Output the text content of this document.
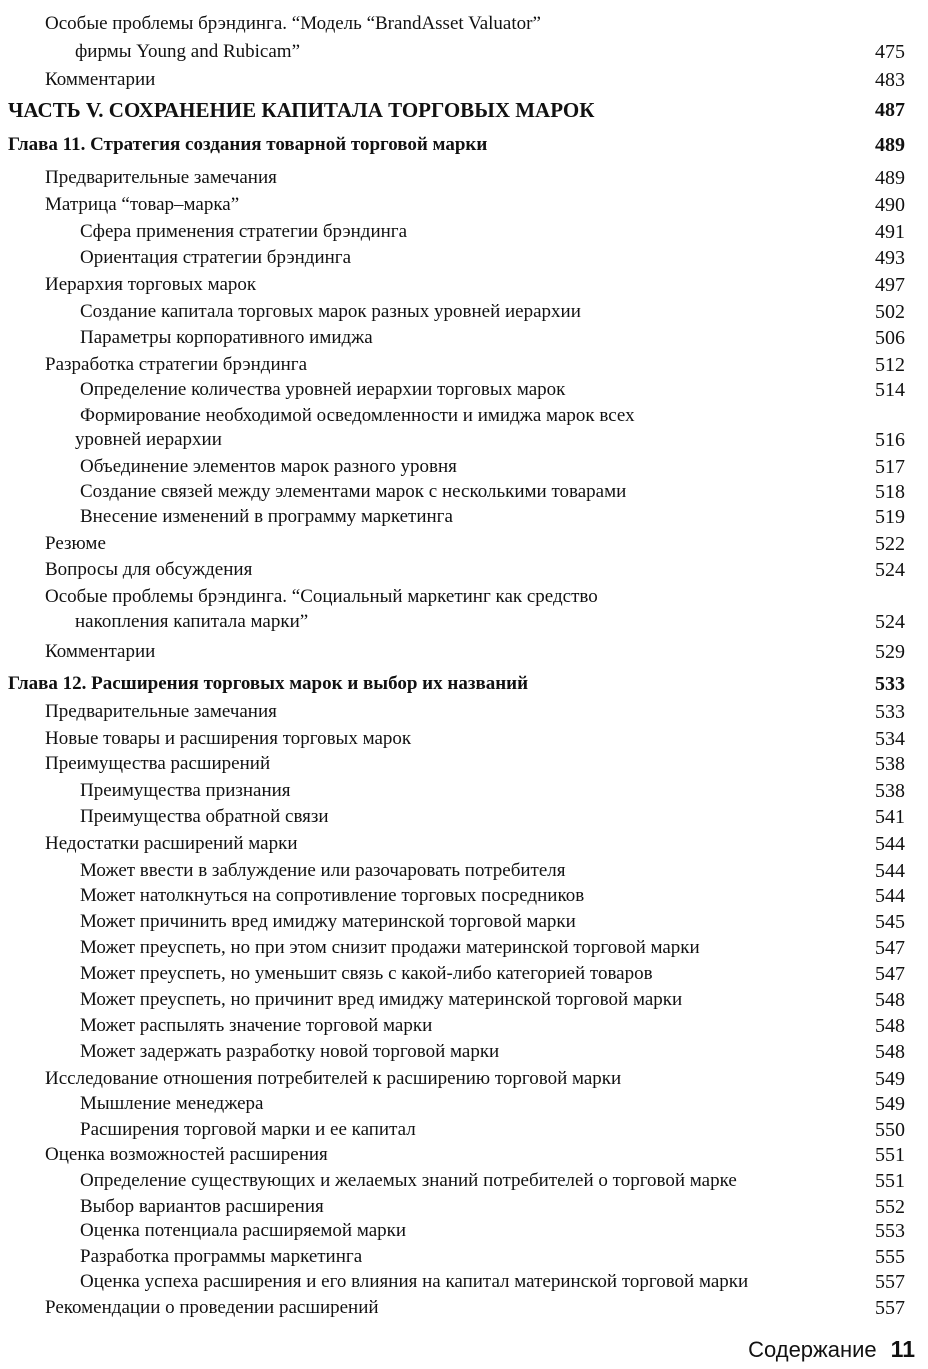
Особые проблемы брэндинга. “Модель “BrandAsset Valuator”
фирмы Young and Rubicam”	475
Комментарии	483
ЧАСТЬ V. СОХРАНЕНИЕ КАПИТАЛА ТОРГОВЫХ МАРОК	487
Глава 11. Стратегия создания товарной торговой марки	489
Предварительные замечания	489
Матрица “товар–марка”	490
Сфера применения стратегии брэндинга	491
Ориентация стратегии брэндинга	493
Иерархия торговых марок	497
Создание капитала торговых марок разных уровней иерархии	502
Параметры корпоративного имиджа	506
Разработка стратегии брэндинга	512
Определение количества уровней иерархии торговых марок	514
Формирование необходимой осведомленности и имиджа марок всех
уровней иерархии	516
Объединение элементов марок разного уровня	517
Создание связей между элементами марок с несколькими товарами	518
Внесение изменений в программу маркетинга	519
Резюме	522
Вопросы для обсуждения	524
Особые проблемы брэндинга. “Социальный маркетинг как средство
накопления капитала марки”	524
Комментарии	529
Глава 12. Расширения торговых марок и выбор их названий	533
Предварительные замечания	533
Новые товары и расширения торговых марок	534
Преимущества расширений	538
Преимущества признания	538
Преимущества обратной связи	541
Недостатки расширений марки	544
Может ввести в заблуждение или разочаровать потребителя	544
Может натолкнуться на сопротивление торговых посредников	544
Может причинить вред имиджу материнской торговой марки	545
Может преуспеть, но при этом снизит продажи материнской торговой марки	547
Может преуспеть, но уменьшит связь с какой-либо категорией товаров	547
Может преуспеть, но причинит вред имиджу материнской торговой марки	548
Может распылять значение торговой марки	548
Может задержать разработку новой торговой марки	548
Исследование отношения потребителей к расширению торговой марки	549
Мышление менеджера	549
Расширения торговой марки и ее капитал	550
Оценка возможностей расширения	551
Определение существующих и желаемых знаний потребителей о торговой марке	551
Выбор вариантов расширения	552
Оценка потенциала расширяемой марки	553
Разработка программы маркетинга	555
Оценка успеха расширения и его влияния на капитал материнской торговой марки	557
Рекомендации о проведении расширений	557
Содержание 11
